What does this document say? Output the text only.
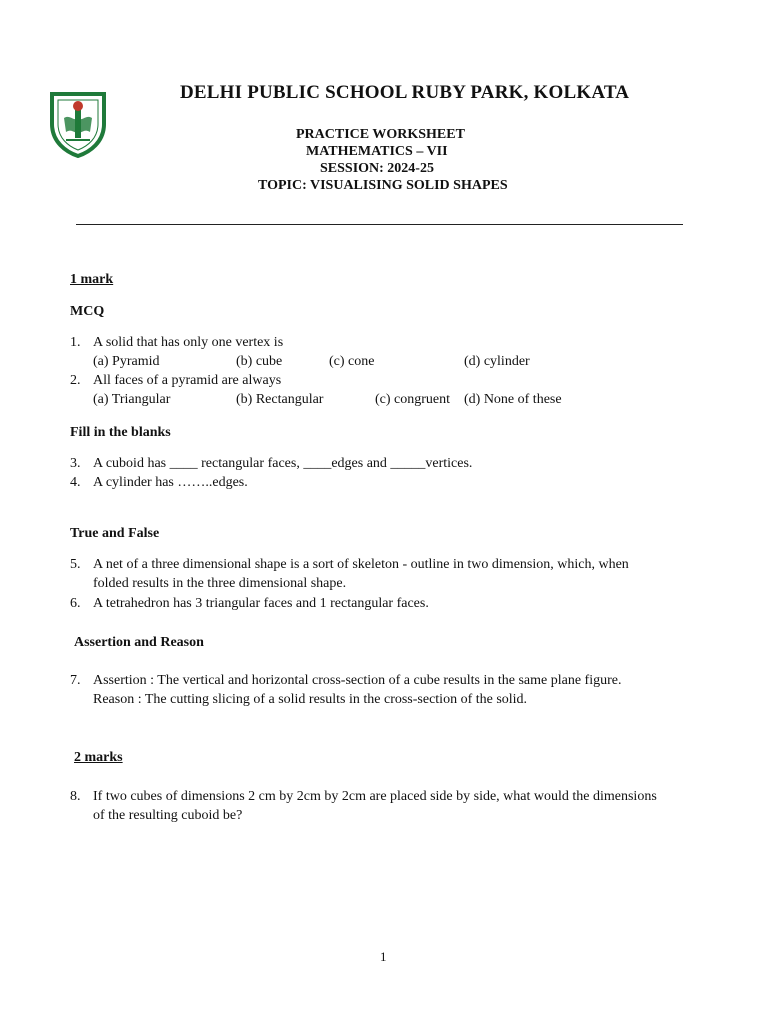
DELHI PUBLIC SCHOOL RUBY PARK, KOLKATA
PRACTICE WORKSHEET
MATHEMATICS – VII
SESSION: 2024-25
TOPIC: VISUALISING SOLID SHAPES
1 mark
MCQ
1. A solid that has only one vertex is
(a) Pyramid	(b) cube	(c) cone	(d) cylinder
2. All faces of a pyramid are always
(a) Triangular	(b) Rectangular	(c) congruent (d) None of these
Fill in the blanks
3. A cuboid has ____ rectangular faces, ____edges and _____vertices.
4. A cylinder has ……..edges.
True and False
5. A net of a three dimensional shape is a sort of skeleton - outline in two dimension, which, when
folded results in the three dimensional shape.
6. A tetrahedron has 3 triangular faces and 1 rectangular faces.
Assertion and Reason
7. Assertion : The vertical and horizontal cross-section of a cube results in the same plane figure.
Reason : The cutting slicing of a solid results in the cross-section of the solid.
2 marks
8. If two cubes of dimensions 2 cm by 2cm by 2cm are placed side by side, what would the dimensions
of the resulting cuboid be?
1
